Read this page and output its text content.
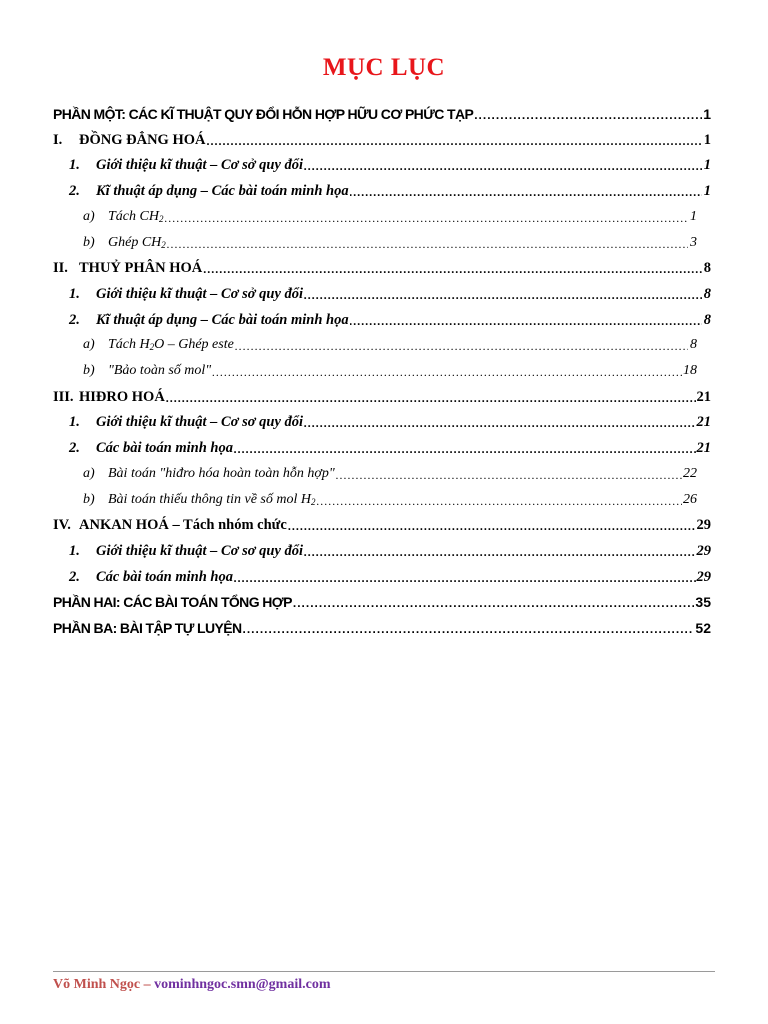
MỤC LỤC
PHẦN MỘT: CÁC KĨ THUẬT QUY ĐỔI HỖN HỢP HỮU CƠ PHỨC TẠP .....	1
I.	ĐỒNG ĐẲNG HOÁ .....	1
1.	Giới thiệu kĩ thuật – Cơ sở quy đổi .....	1
2.	Kĩ thuật áp dụng – Các bài toán minh họa .....	1
a) Tách $CH_2$ .....	1
b) Ghép $CH_2$ .....	3
II. THUỶ PHÂN HOÁ .....	8
1.	Giới thiệu kĩ thuật – Cơ sở quy đổi .....	8
2.	Kĩ thuật áp dụng – Các bài toán minh họa .....	8
a) Tách $H_2O$ – Ghép este .....	8
b) "Bảo toàn số mol" .....	18
III. HIĐRO HOÁ .....	21
1.	Giới thiệu kĩ thuật – Cơ sơ quy đổi .....	21
2.	Các bài toán minh họa .....	21
a) Bài toán "hiđro hóa hoàn toàn hỗn hợp" .....	22
b) Bài toán thiếu thông tin về số mol $H_2$ .....	26
IV. ANKAN HOÁ – Tách nhóm chức .....	29
1.	Giới thiệu kĩ thuật – Cơ sơ quy đổi .....	29
2.	Các bài toán minh họa .....	29
PHẦN HAI: CÁC BÀI TOÁN TỔNG HỢP .....	35
PHẦN BA: BÀI TẬP TỰ LUYỆN .....	52
Võ Minh Ngọc – vominhngoc.smn@gmail.com
